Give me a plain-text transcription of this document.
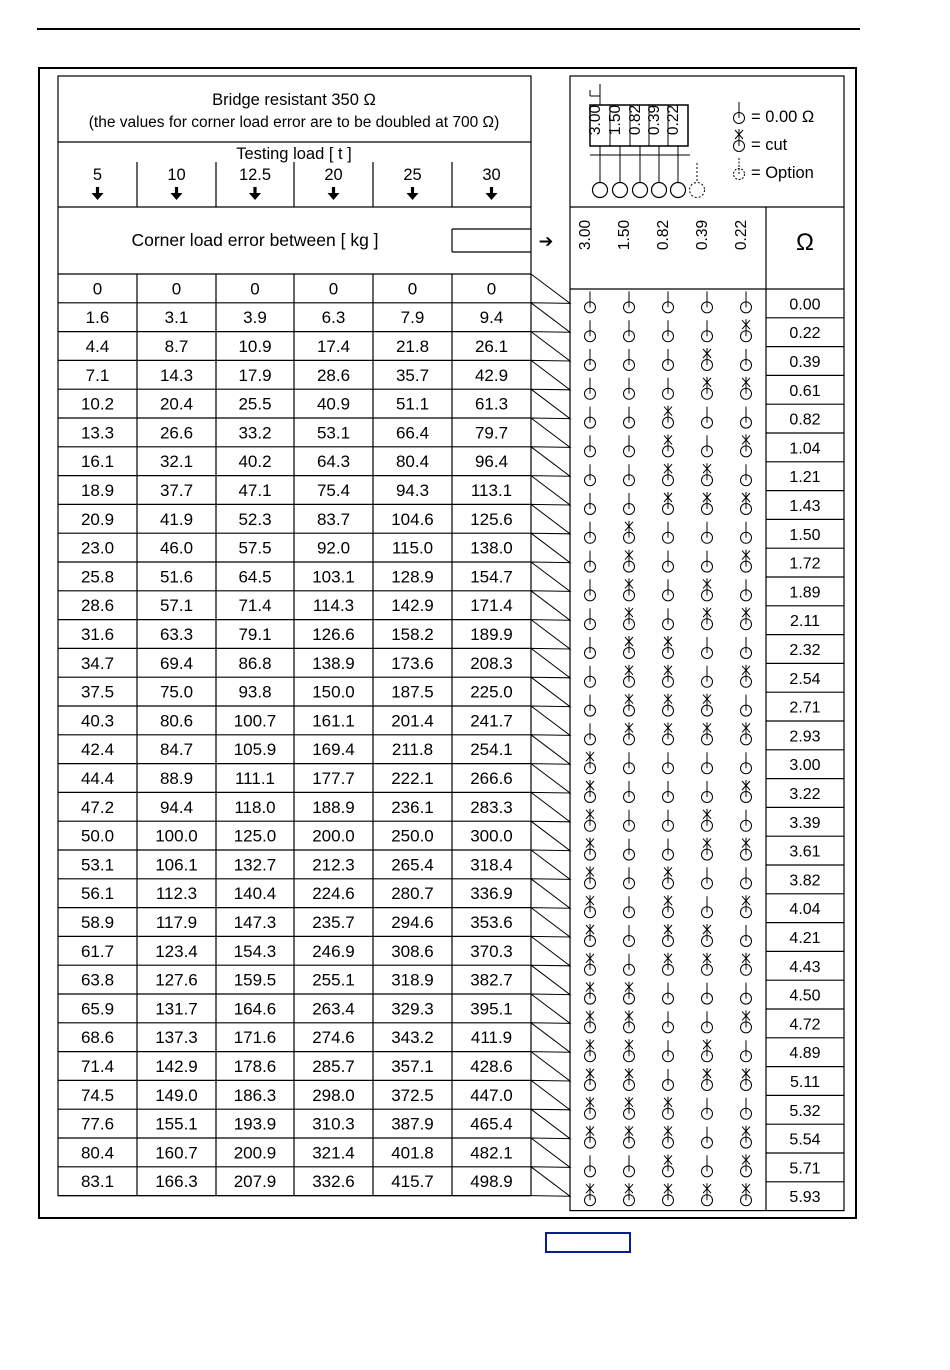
Bridge resistant 350 Ω
(the values for corner load error are to be doubled at 700 Ω)
Testing load [ t ]
5	10	12.5	20	25	30
Corner load error between [ kg ]	➔ 3.00 1.50 0.82 0.39 0.22 Ω
3.00 1.50 0.82 0.39 0.22	= 0.00 Ω
= cut
= Option
0	0	0	0	0	0
1.6	3.1	3.9	6.3	7.9	9.4
4.4	8.7	10.9	17.4	21.8	26.1
7.1	14.3	17.9	28.6	35.7	42.9
10.2	20.4	25.5	40.9	51.1	61.3
13.3	26.6	33.2	53.1	66.4	79.7
16.1	32.1	40.2	64.3	80.4	96.4
18.9	37.7	47.1	75.4	94.3 113.1
20.9	41.9	52.3	83.7 104.6 125.6
23.0	46.0	57.5	92.0 115.0 138.0
25.8	51.6	64.5 103.1 128.9 154.7
28.6	57.1	71.4 114.3 142.9 171.4
31.6	63.3	79.1 126.6 158.2 189.9
34.7	69.4	86.8 138.9 173.6 208.3
37.5	75.0	93.8 150.0 187.5 225.0
40.3	80.6 100.7 161.1 201.4 241.7
42.4	84.7 105.9 169.4 211.8 254.1
44.4	88.9 111.1 177.7 222.1 266.6
47.2	94.4 118.0 188.9 236.1 283.3
50.0 100.0 125.0 200.0 250.0 300.0
53.1 106.1 132.7 212.3 265.4 318.4
56.1 112.3 140.4 224.6 280.7 336.9
58.9 117.9 147.3 235.7 294.6 353.6
61.7 123.4 154.3 246.9 308.6 370.3
63.8 127.6 159.5 255.1 318.9 382.7
65.9 131.7 164.6 263.4 329.3 395.1
68.6 137.3 171.6 274.6 343.2 411.9
71.4 142.9 178.6 285.7 357.1 428.6
74.5 149.0 186.3 298.0 372.5 447.0
77.6 155.1 193.9 310.3 387.9 465.4
80.4 160.7 200.9 321.4 401.8 482.1
83.1 166.3 207.9 332.6 415.7 498.9
0.00
0.22
0.39
0.61
0.82
1.04
1.21
1.43
1.50
1.72
1.89
2.11
2.32
2.54
2.71
2.93
3.00
3.22
3.39
3.61
3.82
4.04
4.21
4.43
4.50
4.72
4.89
5.11
5.32
5.54
5.71
5.93
